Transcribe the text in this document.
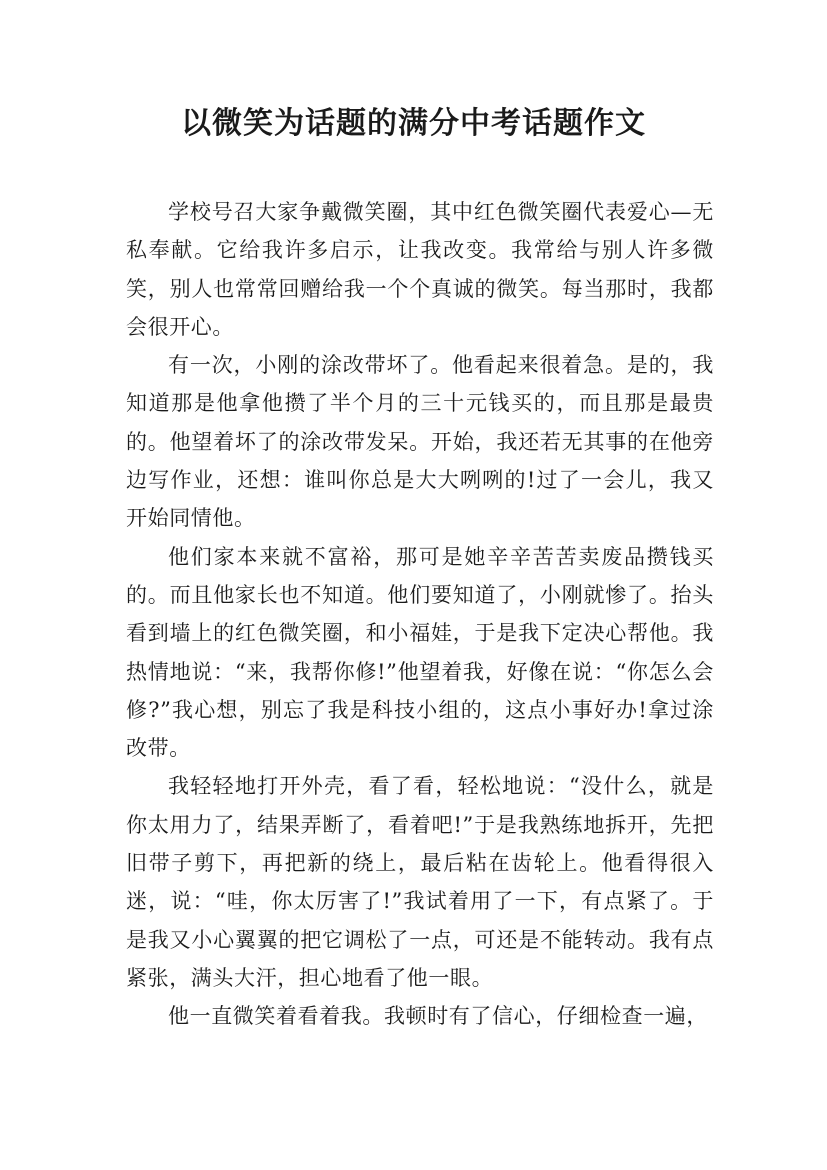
以微笑为话题的满分中考话题作文

学校号召大家争戴微笑圈，其中红色微笑圈代表爱心—无私奉献。它给我许多启示，让我改变。我常给与别人许多微笑，别人也常常回赠给我一个个真诚的微笑。每当那时，我都会很开心。

有一次，小刚的涂改带坏了。他看起来很着急。是的，我知道那是他拿他攒了半个月的三十元钱买的，而且那是最贵的。他望着坏了的涂改带发呆。开始，我还若无其事的在他旁边写作业，还想：谁叫你总是大大咧咧的!过了一会儿，我又开始同情他。

他们家本来就不富裕，那可是她辛辛苦苦卖废品攒钱买的。而且他家长也不知道。他们要知道了，小刚就惨了。抬头看到墙上的红色微笑圈，和小福娃，于是我下定决心帮他。我热情地说：“来，我帮你修!”他望着我，好像在说：“你怎么会修?”我心想，别忘了我是科技小组的，这点小事好办!拿过涂改带。

我轻轻地打开外壳，看了看，轻松地说：“没什么，就是你太用力了，结果弄断了，看着吧!”于是我熟练地拆开，先把旧带子剪下，再把新的绕上，最后粘在齿轮上。他看得很入迷，说：“哇，你太厉害了!”我试着用了一下，有点紧了。于是我又小心翼翼的把它调松了一点，可还是不能转动。我有点紧张，满头大汗，担心地看了他一眼。

他一直微笑着看着我。我顿时有了信心，仔细检查一遍，
